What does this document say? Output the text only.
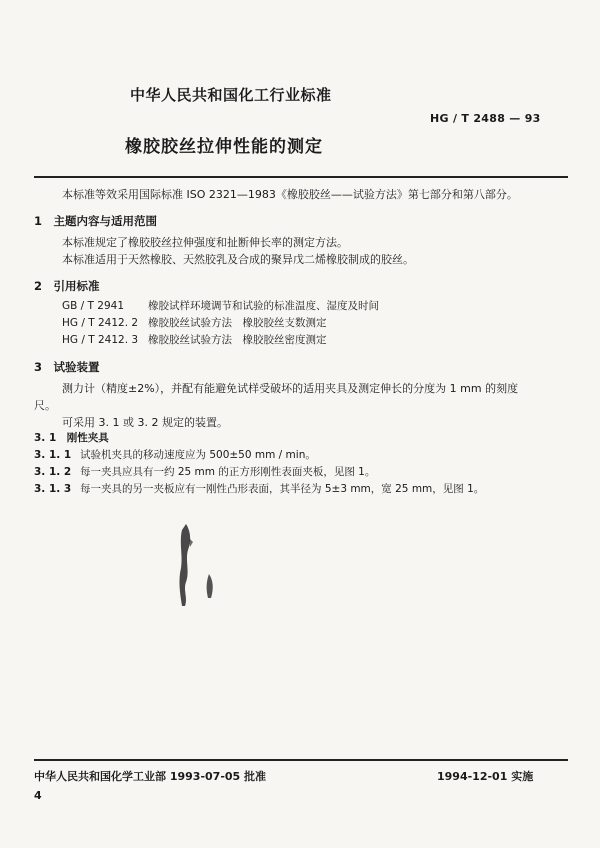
中华人民共和国化工行业标准
HG / T 2488 — 93
橡胶胶丝拉伸性能的测定
本标准等效采用国际标准 ISO 2321—1983《橡胶胶丝——试验方法》第七部分和第八部分。
1　主题内容与适用范围
本标准规定了橡胶胶丝拉伸强度和扯断伸长率的测定方法。
本标准适用于天然橡胶、天然胶乳及合成的聚异戊二烯橡胶制成的胶丝。
2　引用标准
GB / T 2941 橡胶试样环境调节和试验的标准温度、湿度及时间
HG / T 2412. 2 橡胶胶丝试验方法　橡胶胶丝支数测定
HG / T 2412. 3 橡胶胶丝试验方法　橡胶胶丝密度测定
3　试验装置
测力计（精度±2%），并配有能避免试样受破坏的适用夹具及测定伸长的分度为 1 mm 的刻度
尺。
可采用 3. 1 或 3. 2 规定的装置。
3. 1　刚性夹具
3. 1. 1 试验机夹具的移动速度应为 500±50 mm / min。
3. 1. 2 每一夹具应具有一约 25 mm 的正方形刚性表面夹板，见图 1。
3. 1. 3 每一夹具的另一夹板应有一刚性凸形表面，其半径为 5±3 mm，宽 25 mm，见图 1。
中华人民共和国化学工业部 1993-07-05 批准	1994-12-01 实施
4
